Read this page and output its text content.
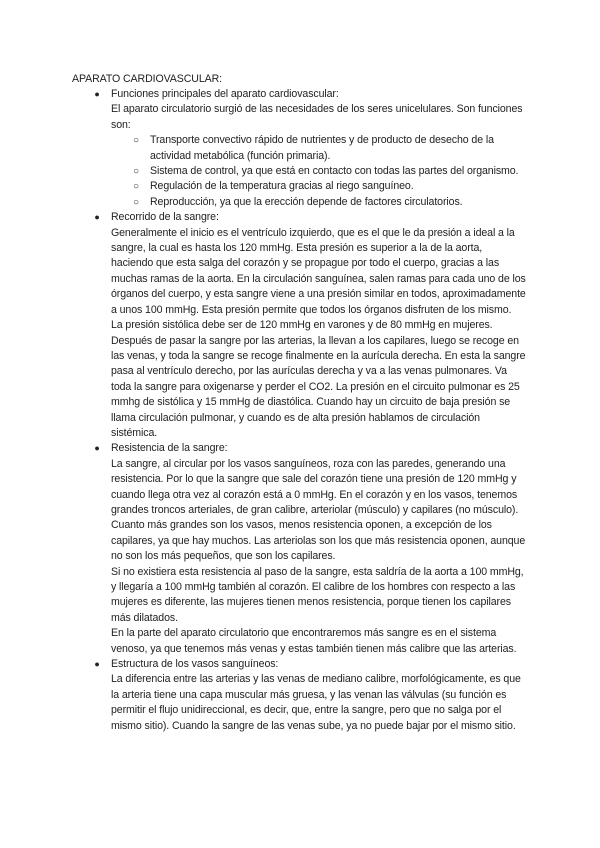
APARATO CARDIOVASCULAR:
● Funciones principales del aparato cardiovascular:
El aparato circulatorio surgió de las necesidades de los seres unicelulares. Son funciones son:
○ Transporte convectivo rápido de nutrientes y de producto de desecho de la actividad metabólica (función primaria).
○ Sistema de control, ya que está en contacto con todas las partes del organismo.
○ Regulación de la temperatura gracias al riego sanguíneo.
○ Reproducción, ya que la erección depende de factores circulatorios.
● Recorrido de la sangre:
Generalmente el inicio es el ventrículo izquierdo, que es el que le da presión a ideal a la sangre, la cual es hasta los 120 mmHg. Esta presión es superior a la de la aorta, haciendo que esta salga del corazón y se propague por todo el cuerpo, gracias a las muchas ramas de la aorta. En la circulación sanguínea, salen ramas para cada uno de los órganos del cuerpo, y esta sangre viene a una presión similar en todos, aproximadamente a unos 100 mmHg. Esta presión permite que todos los órganos disfruten de los mismo.
La presión sistólica debe ser de 120 mmHg en varones y de 80 mmHg en mujeres. Después de pasar la sangre por las arterias, la llevan a los capilares, luego se recoge en las venas, y toda la sangre se recoge finalmente en la aurícula derecha. En esta la sangre pasa al ventrículo derecho, por las aurículas derecha y va a las venas pulmonares. Va toda la sangre para oxigenarse y perder el CO2. La presión en el circuito pulmonar es 25 mmhg de sistólica y 15 mmHg de diastólica. Cuando hay un circuito de baja presión se llama circulación pulmonar, y cuando es de alta presión hablamos de circulación sistémica.
● Resistencia de la sangre:
La sangre, al circular por los vasos sanguíneos, roza con las paredes, generando una resistencia. Por lo que la sangre que sale del corazón tiene una presión de 120 mmHg y cuando llega otra vez al corazón está a 0 mmHg. En el corazón y en los vasos, tenemos grandes troncos arteriales, de gran calibre, arteriolar (músculo) y capilares (no músculo). Cuanto más grandes son los vasos, menos resistencia oponen, a excepción de los capilares, ya que hay muchos. Las arteriolas son los que más resistencia oponen, aunque no son los más pequeños, que son los capilares.
Si no existiera esta resistencia al paso de la sangre, esta saldría de la aorta a 100 mmHg, y llegaría a 100 mmHg también al corazón. El calibre de los hombres con respecto a las mujeres es diferente, las mujeres tienen menos resistencia, porque tienen los capilares más dilatados.
En la parte del aparato circulatorio que encontraremos más sangre es en el sistema venoso, ya que tenemos más venas y estas también tienen más calibre que las arterias.
● Estructura de los vasos sanguíneos:
La diferencia entre las arterias y las venas de mediano calibre, morfológicamente, es que la arteria tiene una capa muscular más gruesa, y las venan las válvulas (su función es permitir el flujo unidireccional, es decir, que, entre la sangre, pero que no salga por el mismo sitio). Cuando la sangre de las venas sube, ya no puede bajar por el mismo sitio.
